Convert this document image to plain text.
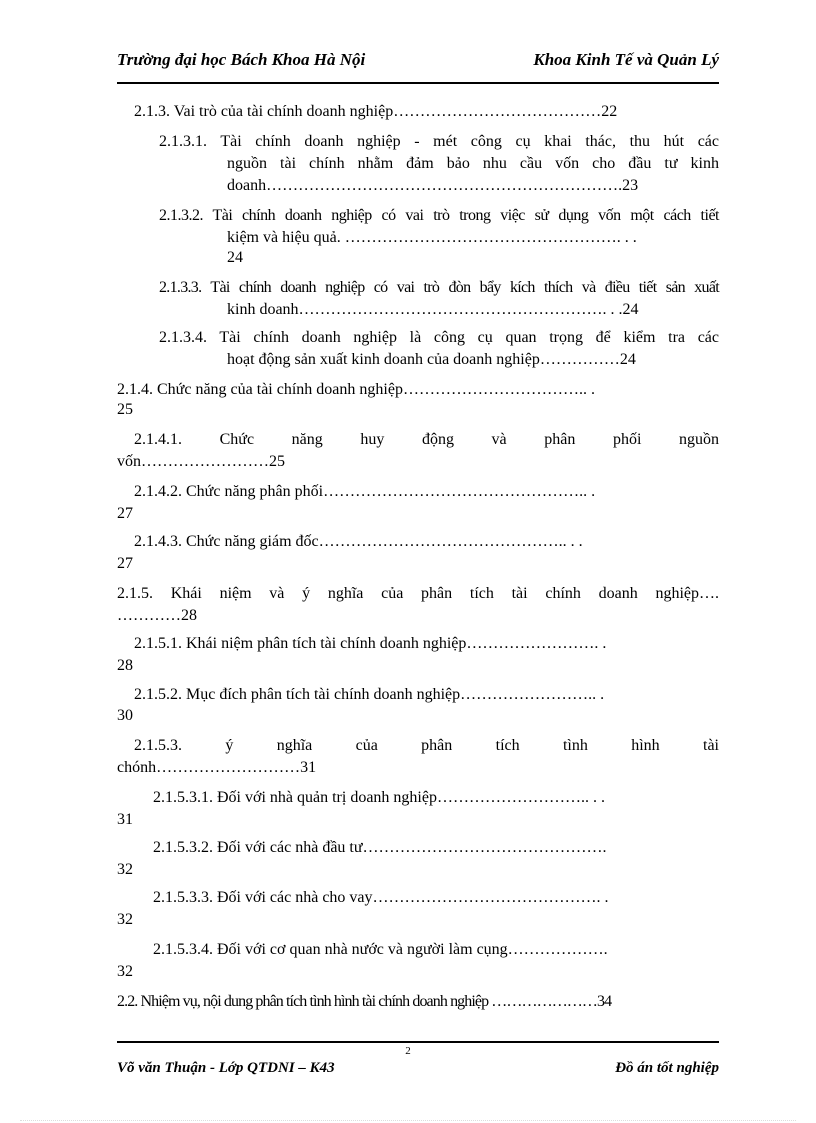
Trường đại học Bách Khoa Hà Nội	Khoa Kinh Tế và Quản Lý
2.1.3. Vai trò của tài chính doanh nghiệp…………………………………22
2.1.3.1. Tài chính doanh nghiệp - mét công cụ khai thác, thu hút các
nguồn tài chính nhằm đảm bảo nhu cầu vốn cho đầu tư kinh
doanh………………………………………………………….23
2.1.3.2. Tài chính doanh nghiệp có vai trò trong việc sử dụng vốn một cách tiết
kiệm và hiệu quả. ……………………………………………. . .
24
2.1.3.3. Tài chính doanh nghiệp có vai trò đòn bẩy kích thích và điều tiết sản xuất
kinh doanh…………………………………………………. . .24
2.1.3.4. Tài chính doanh nghiệp là công cụ quan trọng để kiểm tra các
hoạt động sản xuất kinh doanh của doanh nghiệp……………24
2.1.4. Chức năng của tài chính doanh nghiệp…………………………….. .
25
2.1.4.1. Chức năng huy động và phân phối nguồn
vốn……………………25
2.1.4.2. Chức năng phân phối………………………………………….. .
27
2.1.4.3. Chức năng giám đốc……………………………………….. . .
27
2.1.5. Khái niệm và ý nghĩa của phân tích tài chính doanh nghiệp….
…………28
2.1.5.1. Khái niệm phân tích tài chính doanh nghiệp……………………. .
28
2.1.5.2. Mục đích phân tích tài chính doanh nghiệp…………………….. .
30
2.1.5.3. ý nghĩa của phân tích tình hình tài
chónh………………………31
2.1.5.3.1. Đối với nhà quản trị doanh nghiệp……………………….. . .
31
2.1.5.3.2. Đối với các nhà đầu tư……………………………………….
32
2.1.5.3.3. Đối với các nhà cho vay……………………………………. .
32
2.1.5.3.4. Đối với cơ quan nhà nước và người làm cụng……………….
32
2.2. Nhiệm vụ, nội dung phân tích tình hình tài chính doanh nghiệp …………………34
2
Võ văn Thuận - Lớp QTDNI – K43	Đồ án tốt nghiệp
